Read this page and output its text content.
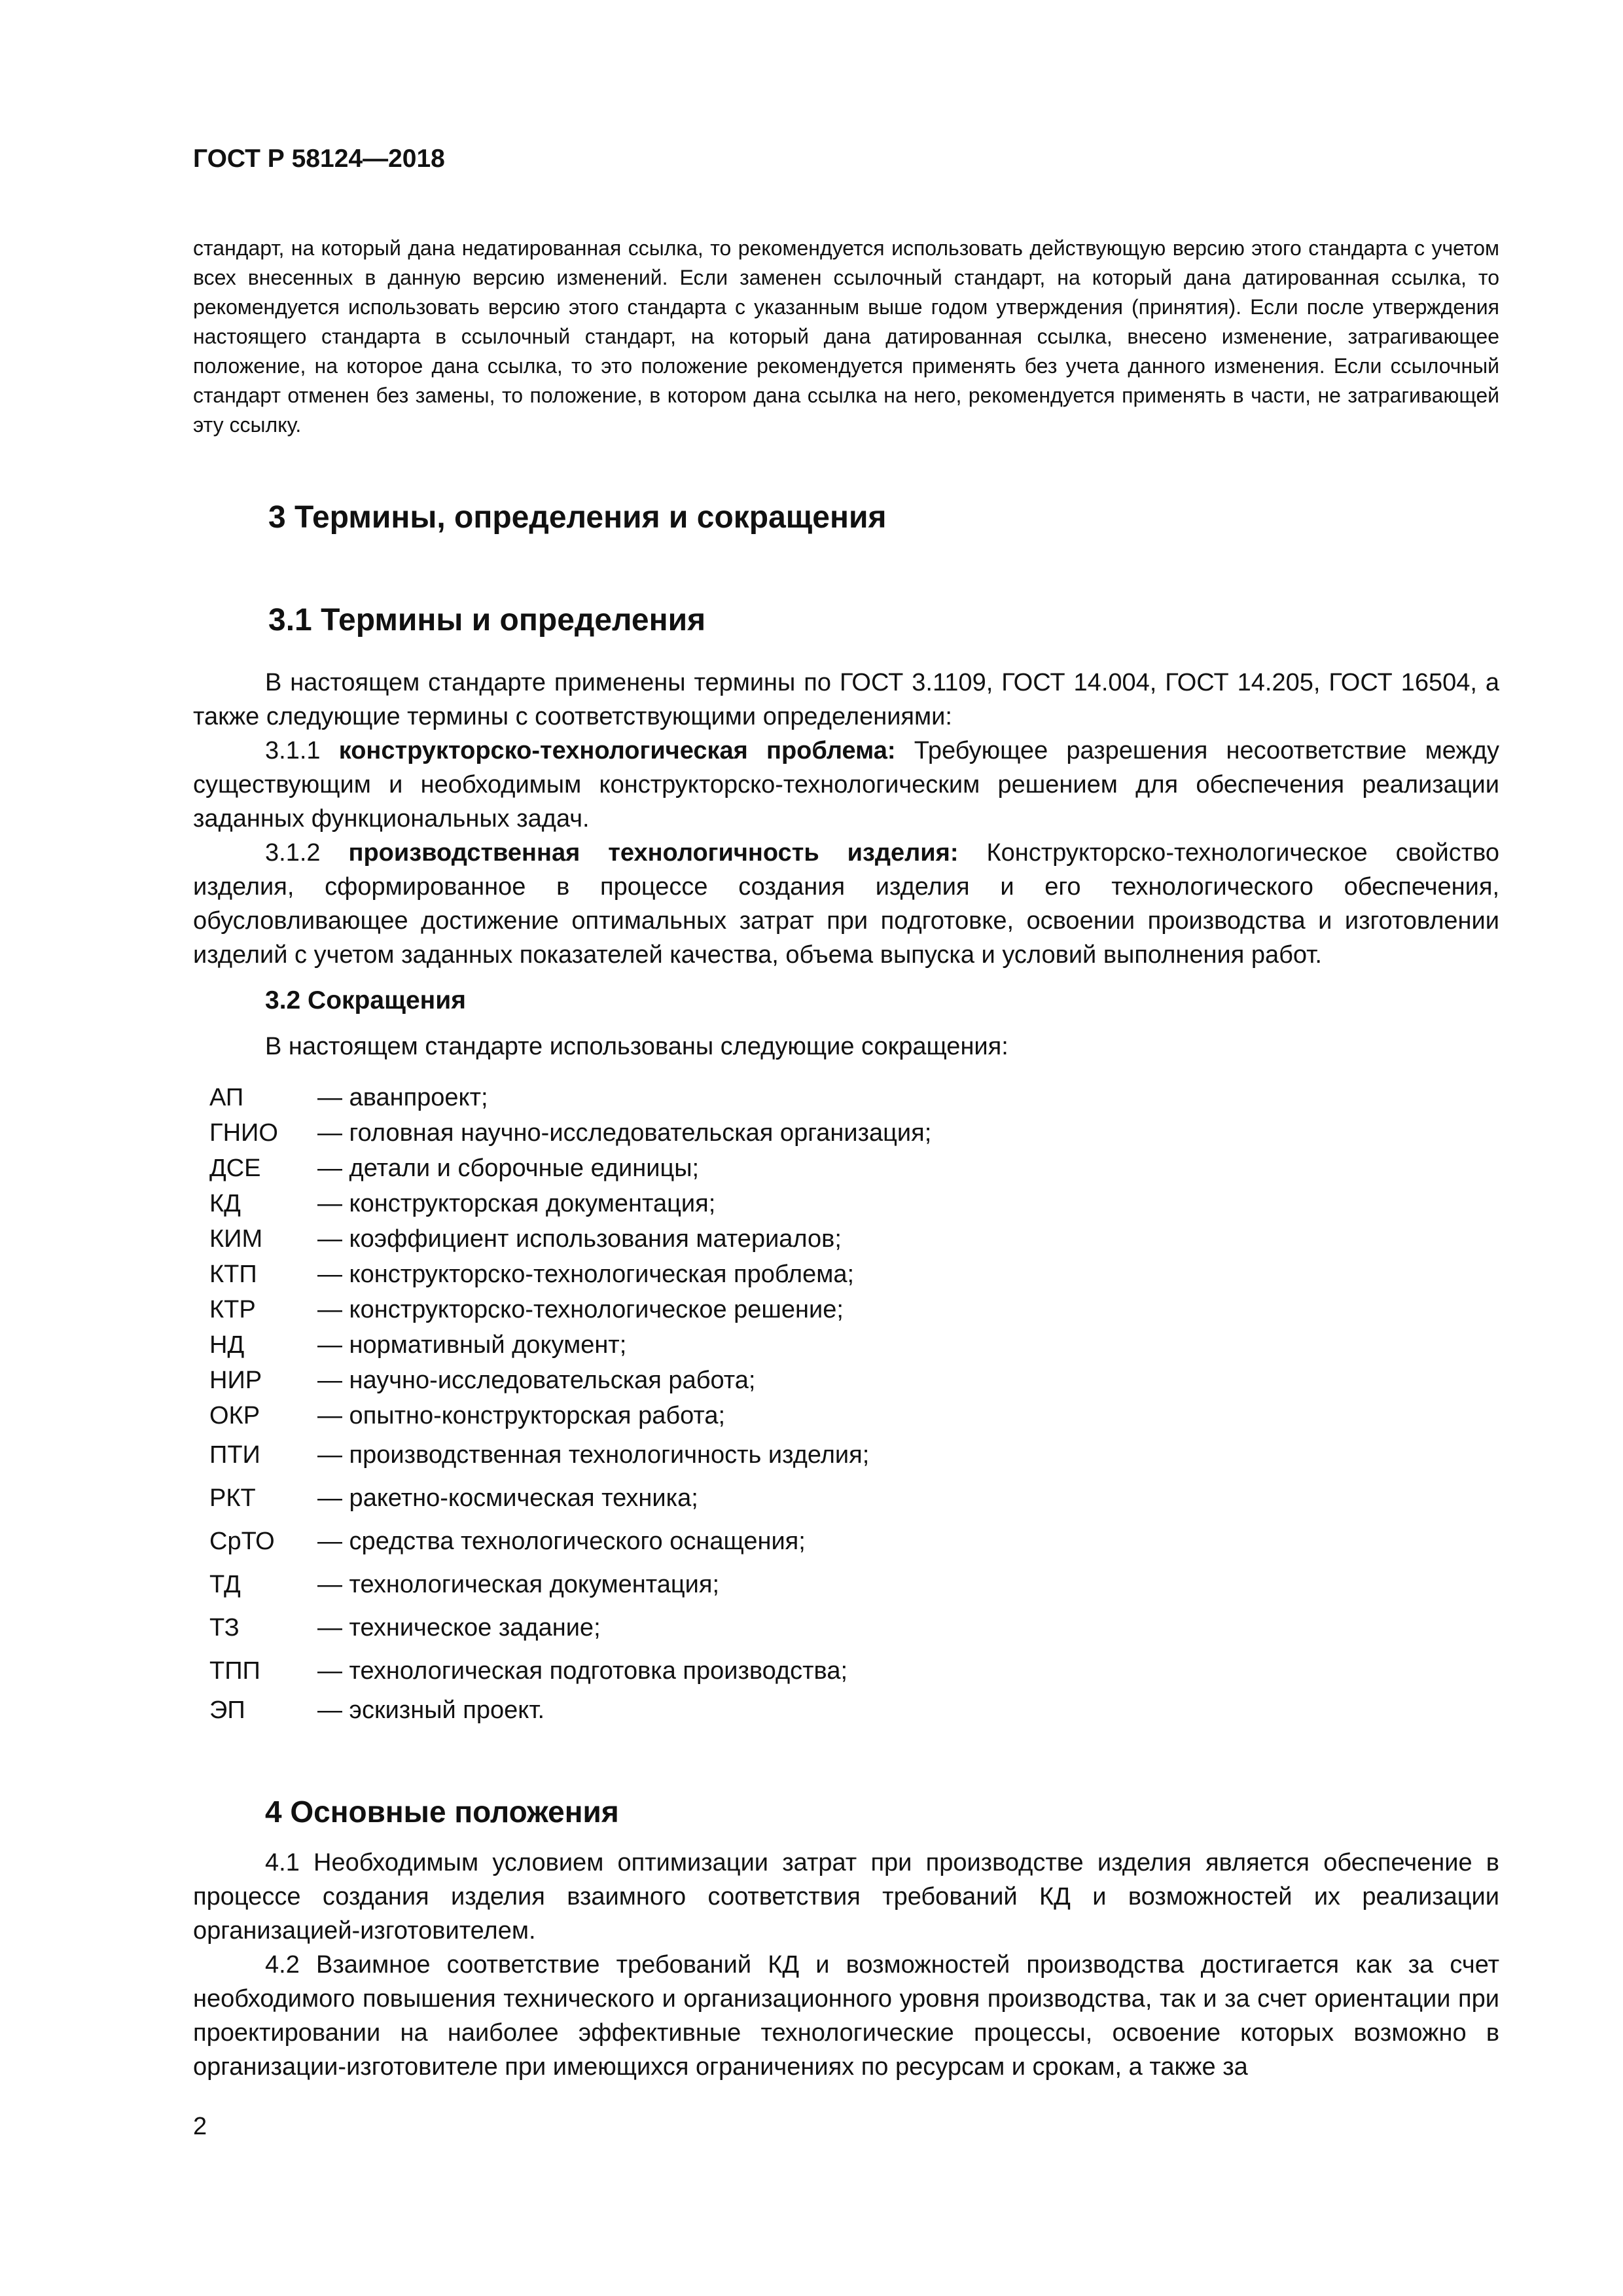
ГОСТ Р 58124—2018

стандарт, на который дана недатированная ссылка, то рекомендуется использовать действующую версию этого стандарта с учетом всех внесенных в данную версию изменений. Если заменен ссылочный стандарт, на который дана датированная ссылка, то рекомендуется использовать версию этого стандарта с указанным выше годом утверждения (принятия). Если после утверждения настоящего стандарта в ссылочный стандарт, на который дана датированная ссылка, внесено изменение, затрагивающее положение, на которое дана ссылка, то это положение рекомендуется применять без учета данного изменения. Если ссылочный стандарт отменен без замены, то положение, в котором дана ссылка на него, рекомендуется применять в части, не затрагивающей эту ссылку.

3 Термины, определения и сокращения
3.1 Термины и определения

В настоящем стандарте применены термины по ГОСТ 3.1109, ГОСТ 14.004, ГОСТ 14.205, ГОСТ 16504, а также следующие термины с соответствующими определениями:

3.1.1 конструкторско-технологическая проблема: Требующее разрешения несоответствие между существующим и необходимым конструкторско-технологическим решением для обеспечения реализации заданных функциональных задач.

3.1.2 производственная технологичность изделия: Конструкторско-технологическое свойство изделия, сформированное в процессе создания изделия и его технологического обеспечения, обусловливающее достижение оптимальных затрат при подготовке, освоении производства и изготовлении изделий с учетом заданных показателей качества, объема выпуска и условий выполнения работ.

3.2 Сокращения

В настоящем стандарте использованы следующие сокращения:

АП	— аванпроект;
ГНИО	— головная научно-исследовательская организация;
ДСЕ	— детали и сборочные единицы;
КД	— конструкторская документация;
КИМ	— коэффициент использования материалов;
КТП	— конструкторско-технологическая проблема;
КТР	— конструкторско-технологическое решение;
НД	— нормативный документ;
НИР	— научно-исследовательская работа;
ОКР	— опытно-конструкторская работа;
ПТИ	— производственная технологичность изделия;
РКТ	— ракетно-космическая техника;
СрТО	— средства технологического оснащения;
ТД	— технологическая документация;
ТЗ	— техническое задание;
ТПП	— технологическая подготовка производства;
ЭП	— эскизный проект.
4 Основные положения

4.1 Необходимым условием оптимизации затрат при производстве изделия является обеспечение в процессе создания изделия взаимного соответствия требований КД и возможностей их реализации организацией-изготовителем.

4.2 Взаимное соответствие требований КД и возможностей производства достигается как за счет необходимого повышения технического и организационного уровня производства, так и за счет ориентации при проектировании на наиболее эффективные технологические процессы, освоение которых возможно в организации-изготовителе при имеющихся ограничениях по ресурсам и срокам, а также за

2
